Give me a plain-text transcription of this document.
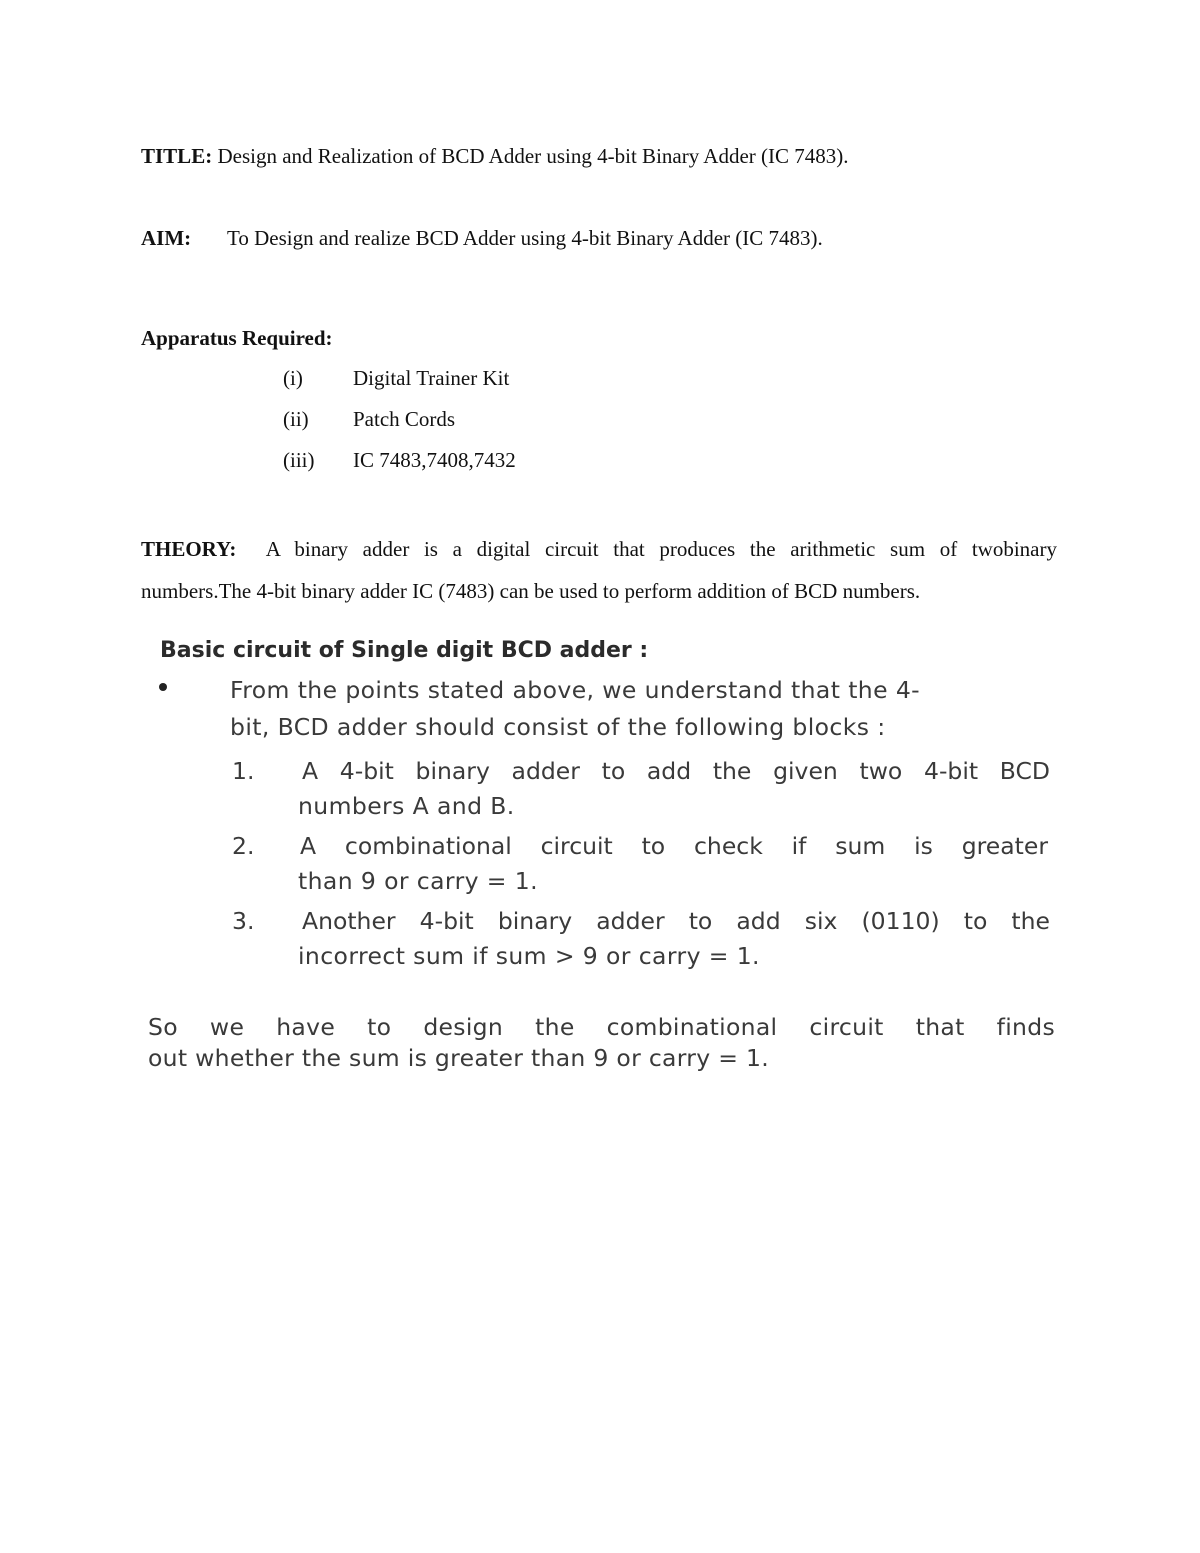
TITLE: Design and Realization of BCD Adder using 4-bit Binary Adder (IC 7483).
AIM: To Design and realize BCD Adder using 4-bit Binary Adder (IC 7483).
Apparatus Required:
(i) Digital Trainer Kit
(ii) Patch Cords
(iii) IC 7483,7408,7432
THEORY: A binary adder is a digital circuit that produces the arithmetic sum of twobinary
numbers.The 4-bit binary adder IC (7483) can be used to perform addition of BCD numbers.
Basic circuit of Single digit BCD adder :
From the points stated above, we understand that the 4-
bit, BCD adder should consist of the following blocks :
1. A 4-bit binary adder to add the given two 4-bit BCD
numbers A and B.
2. A combinational circuit to check if sum is greater
than 9 or carry = 1.
3. Another 4-bit binary adder to add six (0110) to the
incorrect sum if sum > 9 or carry = 1.
So we have to design the combinational circuit that finds
out whether the sum is greater than 9 or carry = 1.
